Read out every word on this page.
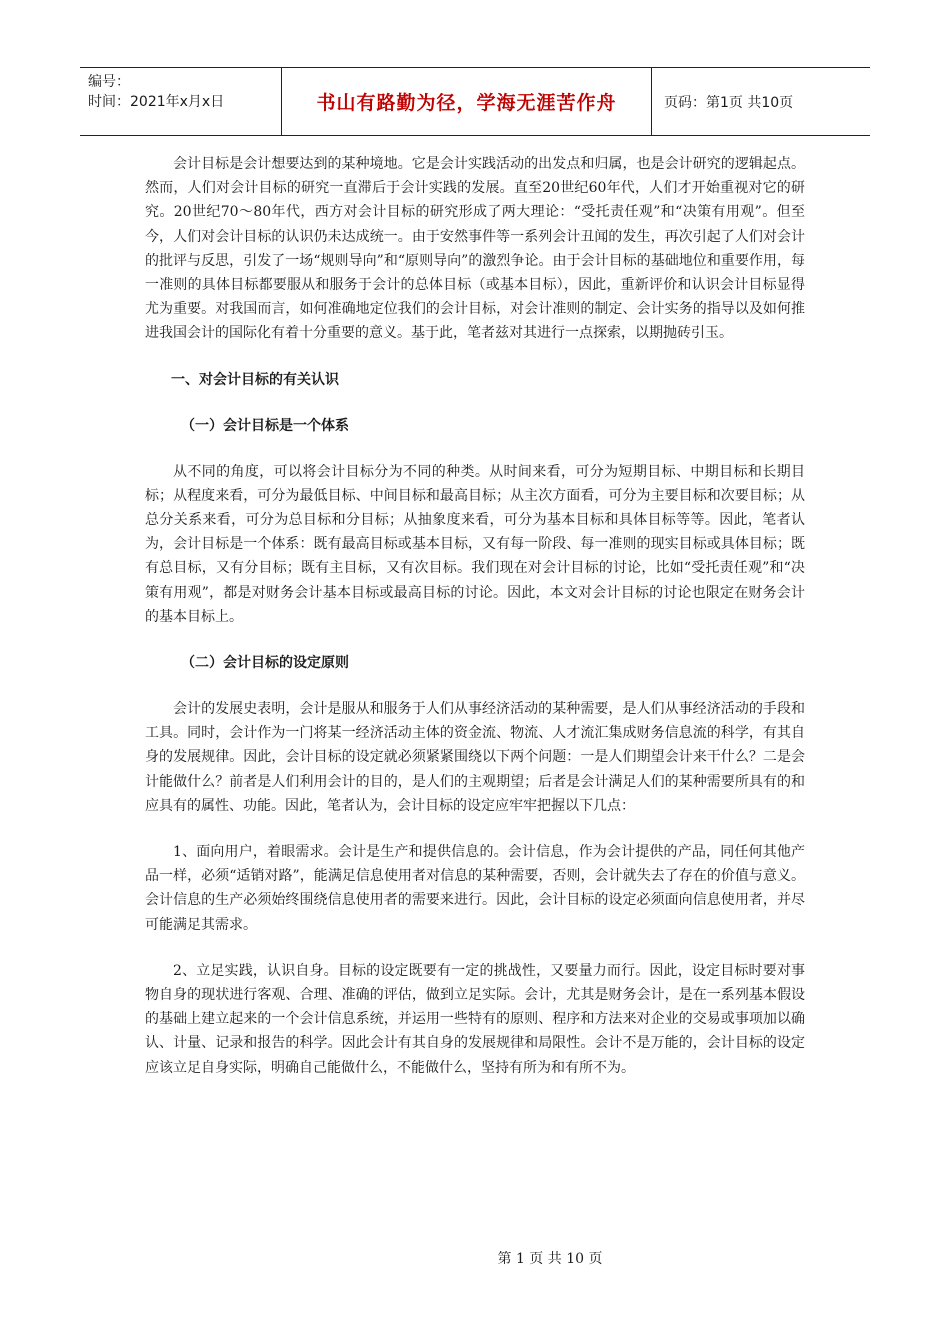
编号：
时间：2021年x月x日	书山有路勤为径，学海无涯苦作舟	页码：第1页 共10页

会计目标是会计想要达到的某种境地。它是会计实践活动的出发点和归属，也是会计研究的逻辑起点。然而，人们对会计目标的研究一直滞后于会计实践的发展。直至20世纪60年代，人们才开始重视对它的研究。20世纪70～80年代，西方对会计目标的研究形成了两大理论：“受托责任观”和“决策有用观”。但至今，人们对会计目标的认识仍未达成统一。由于安然事件等一系列会计丑闻的发生，再次引起了人们对会计的批评与反思，引发了一场“规则导向”和“原则导向”的激烈争论。由于会计目标的基础地位和重要作用，每一准则的具体目标都要服从和服务于会计的总体目标（或基本目标），因此，重新评价和认识会计目标显得尤为重要。对我国而言，如何准确地定位我们的会计目标，对会计准则的制定、会计实务的指导以及如何推进我国会计的国际化有着十分重要的意义。基于此，笔者兹对其进行一点探索，以期抛砖引玉。

一、对会计目标的有关认识
（一）会计目标是一个体系

从不同的角度，可以将会计目标分为不同的种类。从时间来看，可分为短期目标、中期目标和长期目标；从程度来看，可分为最低目标、中间目标和最高目标；从主次方面看，可分为主要目标和次要目标；从总分关系来看，可分为总目标和分目标；从抽象度来看，可分为基本目标和具体目标等等。因此，笔者认为，会计目标是一个体系：既有最高目标或基本目标，又有每一阶段、每一准则的现实目标或具体目标；既有总目标，又有分目标；既有主目标，又有次目标。我们现在对会计目标的讨论，比如“受托责任观”和“决策有用观”，都是对财务会计基本目标或最高目标的讨论。因此，本文对会计目标的讨论也限定在财务会计的基本目标上。

（二）会计目标的设定原则

会计的发展史表明，会计是服从和服务于人们从事经济活动的某种需要，是人们从事经济活动的手段和工具。同时，会计作为一门将某一经济活动主体的资金流、物流、人才流汇集成财务信息流的科学，有其自身的发展规律。因此，会计目标的设定就必须紧紧围绕以下两个问题：一是人们期望会计来干什么？二是会计能做什么？前者是人们利用会计的目的，是人们的主观期望；后者是会计满足人们的某种需要所具有的和应具有的属性、功能。因此，笔者认为，会计目标的设定应牢牢把握以下几点：

1、面向用户，着眼需求。会计是生产和提供信息的。会计信息，作为会计提供的产品，同任何其他产品一样，必须“适销对路”，能满足信息使用者对信息的某种需要，否则，会计就失去了存在的价值与意义。会计信息的生产必须始终围绕信息使用者的需要来进行。因此，会计目标的设定必须面向信息使用者，并尽可能满足其需求。

2、立足实践，认识自身。目标的设定既要有一定的挑战性，又要量力而行。因此，设定目标时要对事物自身的现状进行客观、合理、准确的评估，做到立足实际。会计，尤其是财务会计，是在一系列基本假设的基础上建立起来的一个会计信息系统，并运用一些特有的原则、程序和方法来对企业的交易或事项加以确认、计量、记录和报告的科学。因此会计有其自身的发展规律和局限性。会计不是万能的，会计目标的设定应该立足自身实际，明确自己能做什么，不能做什么，坚持有所为和有所不为。

第 1 页 共 10 页
